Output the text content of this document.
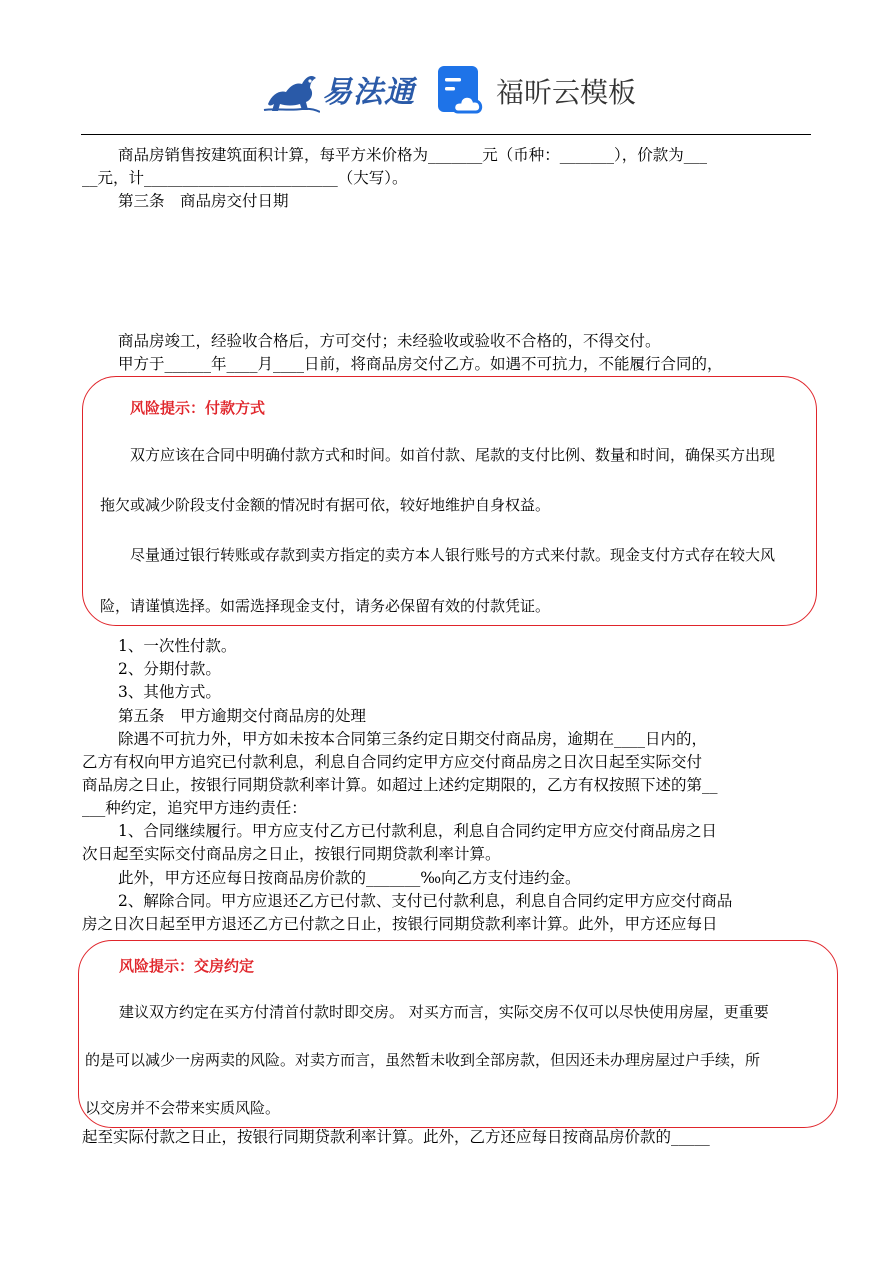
易法通	福昕云模板
商品房销售按建筑面积计算，每平方米价格为_______元（币种：_______），价款为___
__元，计_________________________（大写）。
第三条　商品房交付日期
商品房竣工，经验收合格后，方可交付；未经验收或验收不合格的，不得交付。
甲方于______年____月____日前，将商品房交付乙方。如遇不可抗力，不能履行合同的，
风险提示：付款方式
双方应该在合同中明确付款方式和时间。如首付款、尾款的支付比例、数量和时间，确保买方出现
拖欠或减少阶段支付金额的情况时有据可依，较好地维护自身权益。
尽量通过银行转账或存款到卖方指定的卖方本人银行账号的方式来付款。现金支付方式存在较大风
险，请谨慎选择。如需选择现金支付，请务必保留有效的付款凭证。
1、一次性付款。
2、分期付款。
3、其他方式。
第五条　甲方逾期交付商品房的处理
除遇不可抗力外，甲方如未按本合同第三条约定日期交付商品房，逾期在____日内的，
乙方有权向甲方追究已付款利息，利息自合同约定甲方应交付商品房之日次日起至实际交付
商品房之日止，按银行同期贷款利率计算。如超过上述约定期限的，乙方有权按照下述的第__
___种约定，追究甲方违约责任：
1、合同继续履行。甲方应支付乙方已付款利息，利息自合同约定甲方应交付商品房之日
次日起至实际交付商品房之日止，按银行同期贷款利率计算。
此外，甲方还应每日按商品房价款的_______‰向乙方支付违约金。
2、解除合同。甲方应退还乙方已付款、支付已付款利息，利息自合同约定甲方应交付商品
房之日次日起至甲方退还乙方已付款之日止，按银行同期贷款利率计算。此外，甲方还应每日
起至实际付款之日止，按银行同期贷款利率计算。此外，乙方还应每日按商品房价款的_____
风险提示：交房约定
建议双方约定在买方付清首付款时即交房。 对买方而言，实际交房不仅可以尽快使用房屋，更重要
的是可以减少一房两卖的风险。对卖方而言，虽然暂未收到全部房款，但因还未办理房屋过户手续，所
以交房并不会带来实质风险。
